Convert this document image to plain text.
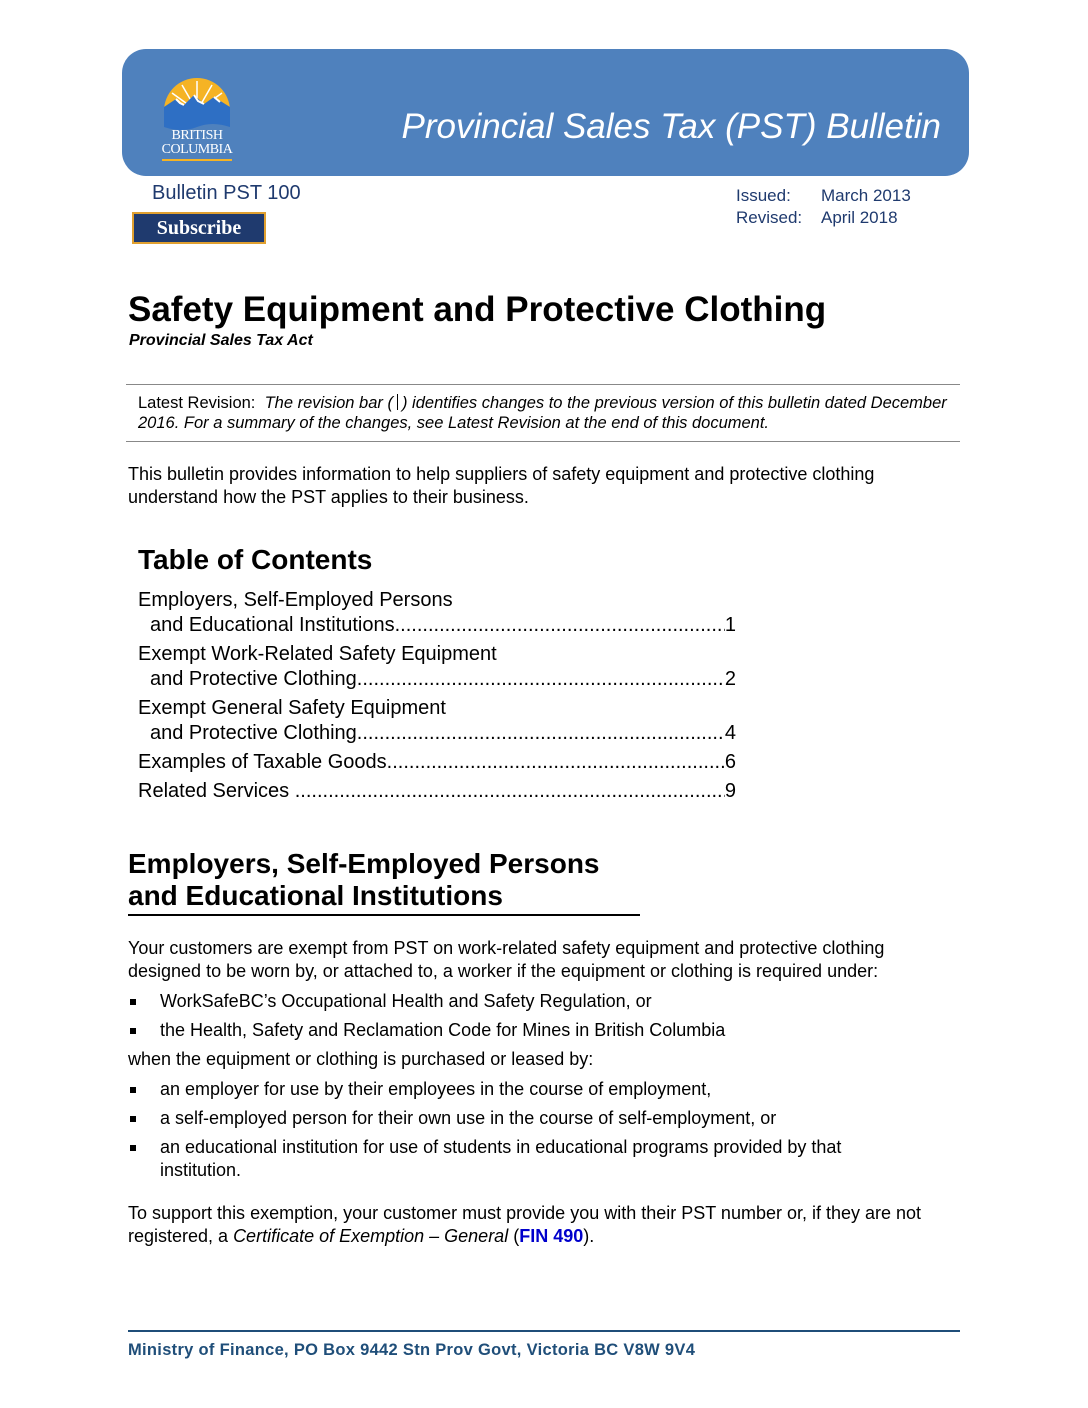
BRITISH
COLUMBIA
Provincial Sales Tax (PST) Bulletin
Bulletin PST 100
Subscribe
Issued: March 2013
Revised: April 2018
Safety Equipment and Protective Clothing
Provincial Sales Tax Act
Latest Revision: The revision bar ( ) identifies changes to the previous version of this bulletin dated December 2016. For a summary of the changes, see Latest Revision at the end of this document.
This bulletin provides information to help suppliers of safety equipment and protective clothing understand how the PST applies to their business.
Table of Contents
Employers, Self-Employed Persons
and Educational Institutions .....	1
Exempt Work-Related Safety Equipment
and Protective Clothing .....	2
Exempt General Safety Equipment
and Protective Clothing .....	4
Examples of Taxable Goods .....	6
Related Services .....	9
Employers, Self-Employed Persons
and Educational Institutions
Your customers are exempt from PST on work-related safety equipment and protective clothing designed to be worn by, or attached to, a worker if the equipment or clothing is required under:
WorkSafeBC’s Occupational Health and Safety Regulation, or
the Health, Safety and Reclamation Code for Mines in British Columbia
when the equipment or clothing is purchased or leased by:
an employer for use by their employees in the course of employment,
a self-employed person for their own use in the course of self-employment, or
an educational institution for use of students in educational programs provided by that institution.
To support this exemption, your customer must provide you with their PST number or, if they are not registered, a Certificate of Exemption – General (FIN 490).
Ministry of Finance, PO Box 9442 Stn Prov Govt, Victoria BC V8W 9V4
